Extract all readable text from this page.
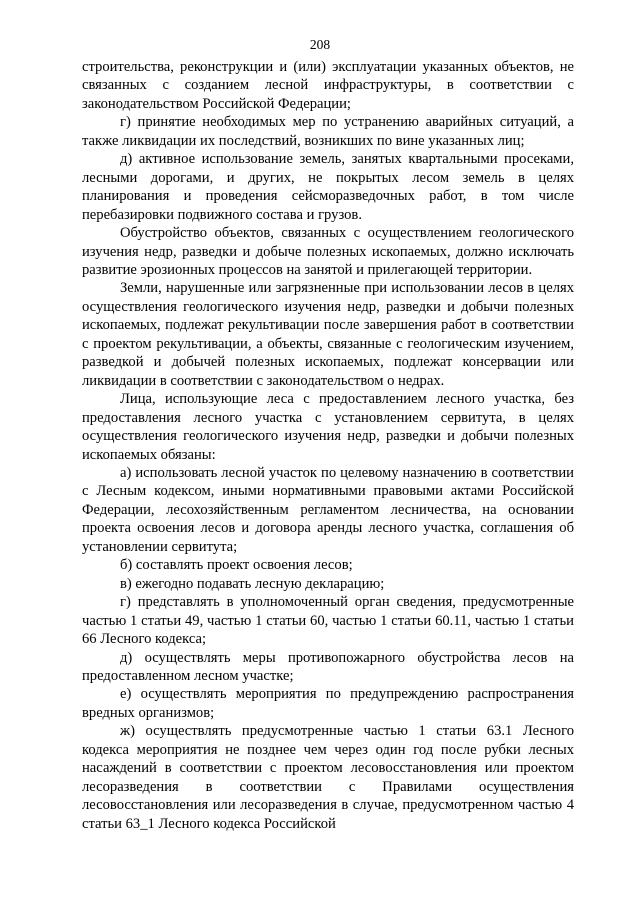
208

строительства, реконструкции и (или) эксплуатации указанных объектов, не связанных с созданием лесной инфраструктуры, в соответствии с законодательством Российской Федерации;

г) принятие необходимых мер по устранению аварийных ситуаций, а также ликвидации их последствий, возникших по вине указанных лиц;

д) активное использование земель, занятых квартальными просеками, лесными дорогами, и других, не покрытых лесом земель в целях планирования и проведения сейсморазведочных работ, в том числе перебазировки подвижного состава и грузов.

Обустройство объектов, связанных с осуществлением геологического изучения недр, разведки и добыче полезных ископаемых, должно исключать развитие эрозионных процессов на занятой и прилегающей территории.

Земли, нарушенные или загрязненные при использовании лесов в целях осуществления геологического изучения недр, разведки и добычи полезных ископаемых, подлежат рекультивации после завершения работ в соответствии с проектом рекультивации, а объекты, связанные с геологическим изучением, разведкой и добычей полезных ископаемых, подлежат консервации или ликвидации в соответствии с законодательством о недрах.

Лица, использующие леса с предоставлением лесного участка, без предоставления лесного участка с установлением сервитута, в целях осуществления геологического изучения недр, разведки и добычи полезных ископаемых обязаны:

а) использовать лесной участок по целевому назначению в соответствии с Лесным кодексом, иными нормативными правовыми актами Российской Федерации, лесохозяйственным регламентом лесничества, на основании проекта освоения лесов и договора аренды лесного участка, соглашения об установлении сервитута;

б) составлять проект освоения лесов;

в) ежегодно подавать лесную декларацию;

г) представлять в уполномоченный орган сведения, предусмотренные частью 1 статьи 49, частью 1 статьи 60, частью 1 статьи 60.11, частью 1 статьи 66 Лесного кодекса;

д) осуществлять меры противопожарного обустройства лесов на предоставленном лесном участке;

е) осуществлять мероприятия по предупреждению распространения вредных организмов;

ж) осуществлять предусмотренные частью 1 статьи 63.1 Лесного кодекса мероприятия не позднее чем через один год после рубки лесных насаждений в соответствии с проектом лесовосстановления или проектом лесоразведения в соответствии с Правилами осуществления лесовосстановления или лесоразведения в случае, предусмотренном частью 4 статьи 63_1 Лесного кодекса Российской
